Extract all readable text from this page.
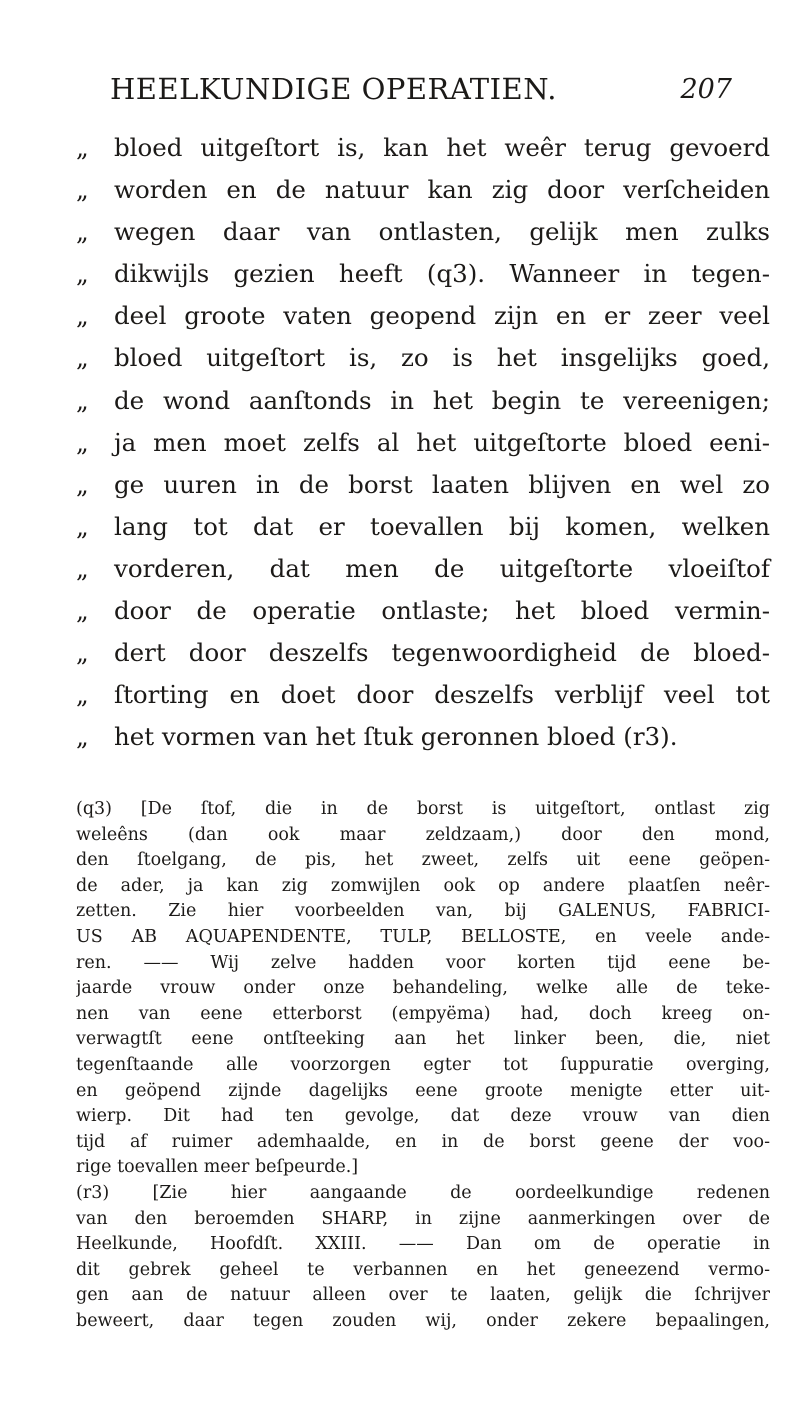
HEELKUNDIGE OPERATIEN.	207
„	bloed uitgeſtort is, kan het weêr terug gevoerd
„	worden en de natuur kan zig door verſcheiden
„	wegen daar van ontlasten, gelijk men zulks
„	dikwijls gezien heeft (q3). Wanneer in tegen-
„	deel groote vaten geopend zijn en er zeer veel
„	bloed uitgeſtort is, zo is het insgelijks goed,
„	de wond aanſtonds in het begin te vereenigen;
„	ja men moet zelfs al het uitgeſtorte bloed eeni-
„	ge uuren in de borst laaten blijven en wel zo
„	lang tot dat er toevallen bij komen, welken
„	vorderen, dat men de uitgeſtorte vloeiſtof
„	door de operatie ontlaste; het bloed vermin-
„	dert door deszelfs tegenwoordigheid de bloed-
„	ſtorting en doet door deszelfs verblijf veel tot
„	het vormen van het ſtuk geronnen bloed (r3).
(q3) [De ſtof, die in de borst is uitgeſtort, ontlast zig
weleêns (dan ook maar zeldzaam,) door den mond,
den ſtoelgang, de pis, het zweet, zelfs uit eene geöpen-
de ader, ja kan zig zomwijlen ook op andere plaatſen neêr-
zetten. Zie hier voorbeelden van, bij GALENUS, FABRICI-
US AB AQUAPENDENTE, TULP, BELLOSTE, en veele ande-
ren. —— Wij zelve hadden voor korten tijd eene be-
jaarde vrouw onder onze behandeling, welke alle de teke-
nen van eene etterborst (empyëma) had, doch kreeg on-
verwagtſt eene ontſteeking aan het linker been, die, niet
tegenſtaande alle voorzorgen egter tot ſuppuratie overging,
en geöpend zijnde dagelijks eene groote menigte etter uit-
wierp. Dit had ten gevolge, dat deze vrouw van dien
tijd af ruimer ademhaalde, en in de borst geene der voo-
rige toevallen meer beſpeurde.]
(r3) [Zie hier aangaande de oordeelkundige redenen
van den beroemden SHARP, in zijne aanmerkingen over de
Heelkunde, Hoofdſt. XXIII. —— Dan om de operatie in
dit gebrek geheel te verbannen en het geneezend vermo-
gen aan de natuur alleen over te laaten, gelijk die ſchrijver
beweert, daar tegen zouden wij, onder zekere bepaalingen,
